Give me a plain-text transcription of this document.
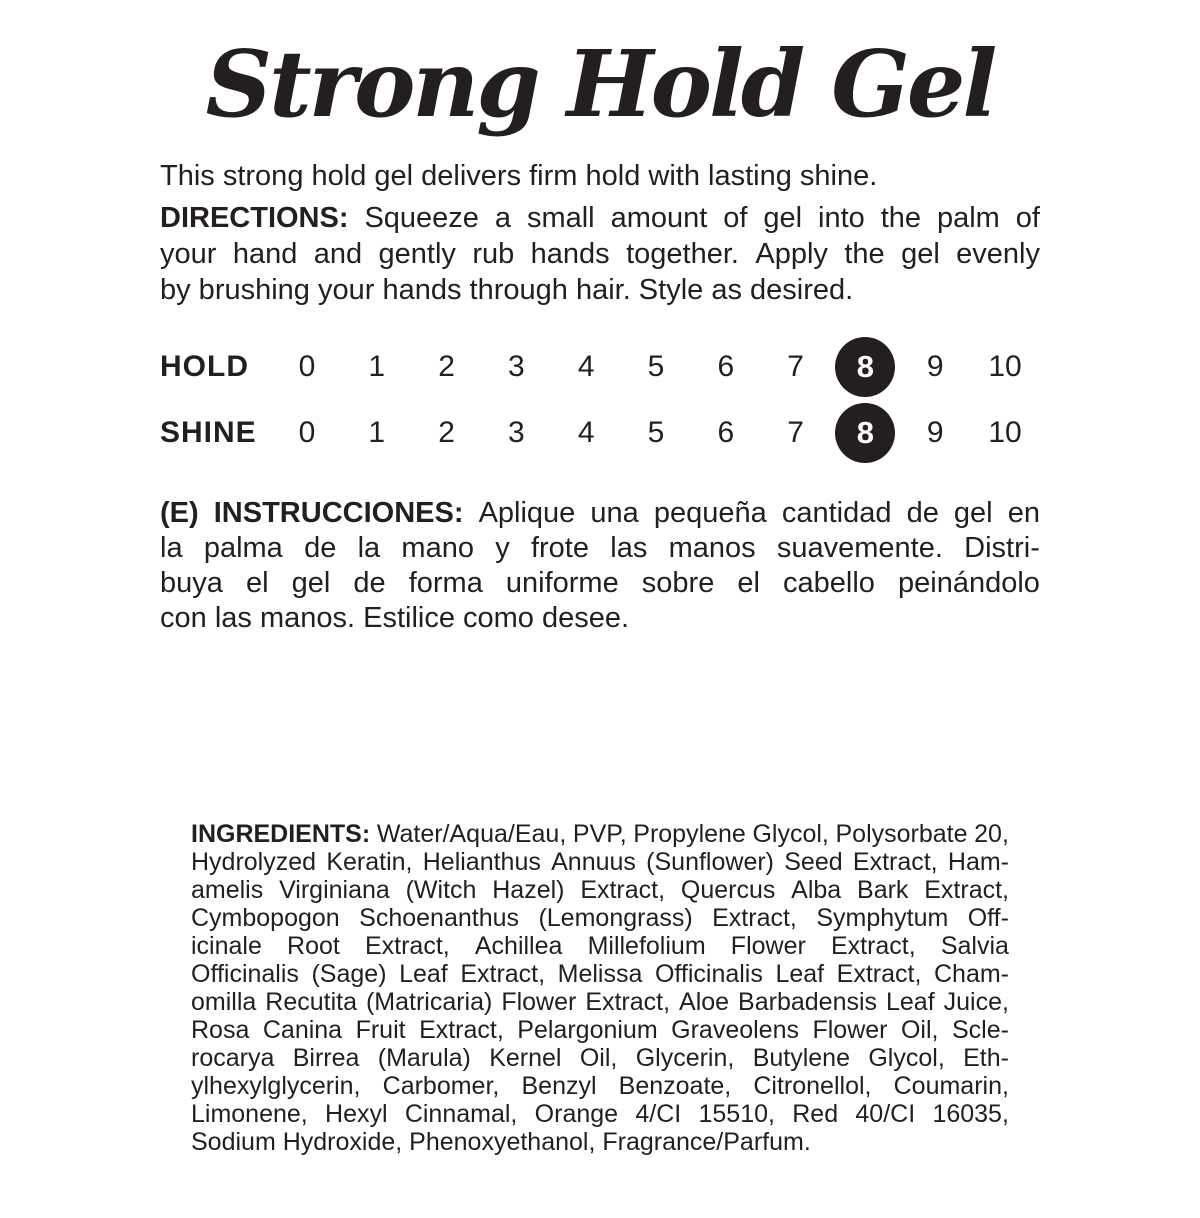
Strong Hold Gel

This strong hold gel delivers firm hold with lasting shine.

DIRECTIONS: Squeeze a small amount of gel into the palm of
your hand and gently rub hands together. Apply the gel evenly
by brushing your hands through hair. Style as desired.
HOLD	0 1 2 3 4 5 6 7	8	9 10
SHINE	0 1 2 3 4 5 6 7	8	9 10
(E) INSTRUCCIONES: Aplique una pequeña cantidad de gel en
la palma de la mano y frote las manos suavemente. Distri-
buya el gel de forma uniforme sobre el cabello peinándolo
con las manos. Estilice como desee.
INGREDIENTS: Water/Aqua/Eau, PVP, Propylene Glycol, Polysorbate 20,
Hydrolyzed Keratin, Helianthus Annuus (Sunflower) Seed Extract, Ham-
amelis Virginiana (Witch Hazel) Extract, Quercus Alba Bark Extract,
Cymbopogon Schoenanthus (Lemongrass) Extract, Symphytum Off-
icinale Root Extract, Achillea Millefolium Flower Extract, Salvia
Officinalis (Sage) Leaf Extract, Melissa Officinalis Leaf Extract, Cham-
omilla Recutita (Matricaria) Flower Extract, Aloe Barbadensis Leaf Juice,
Rosa Canina Fruit Extract, Pelargonium Graveolens Flower Oil, Scle-
rocarya Birrea (Marula) Kernel Oil, Glycerin, Butylene Glycol, Eth-
ylhexylglycerin, Carbomer, Benzyl Benzoate, Citronellol, Coumarin,
Limonene, Hexyl Cinnamal, Orange 4/CI 15510, Red 40/CI 16035,
Sodium Hydroxide, Phenoxyethanol, Fragrance/Parfum.
